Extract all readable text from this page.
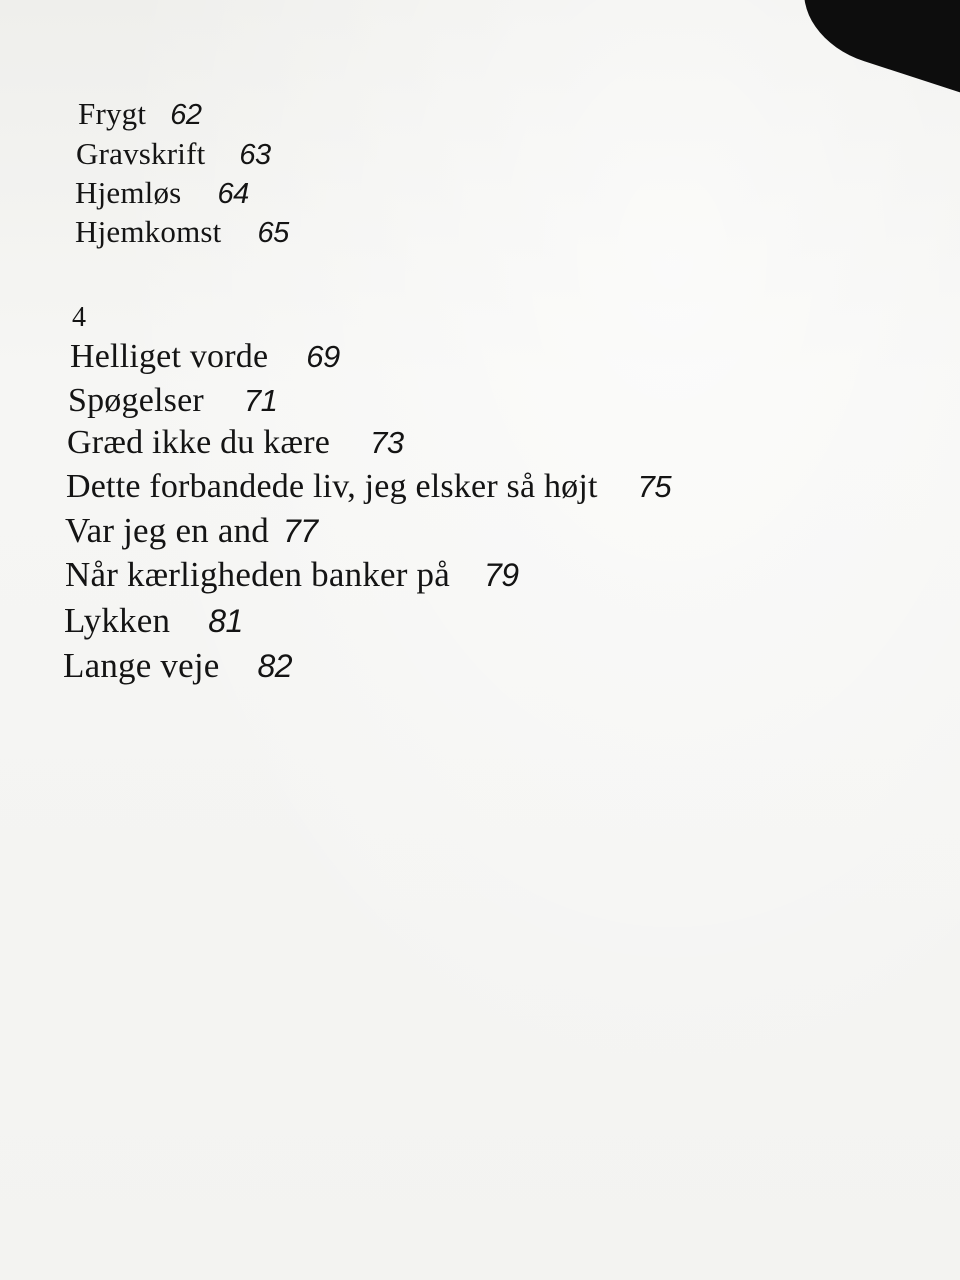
Frygt 62
Gravskrift 63
Hjemløs 64
Hjemkomst 65
4
Helliget vorde 69
Spøgelser 71
Græd ikke du kære 73
Dette forbandede liv, jeg elsker så højt 75
Var jeg en and 77
Når kærligheden banker på 79
Lykken 81
Lange veje 82
